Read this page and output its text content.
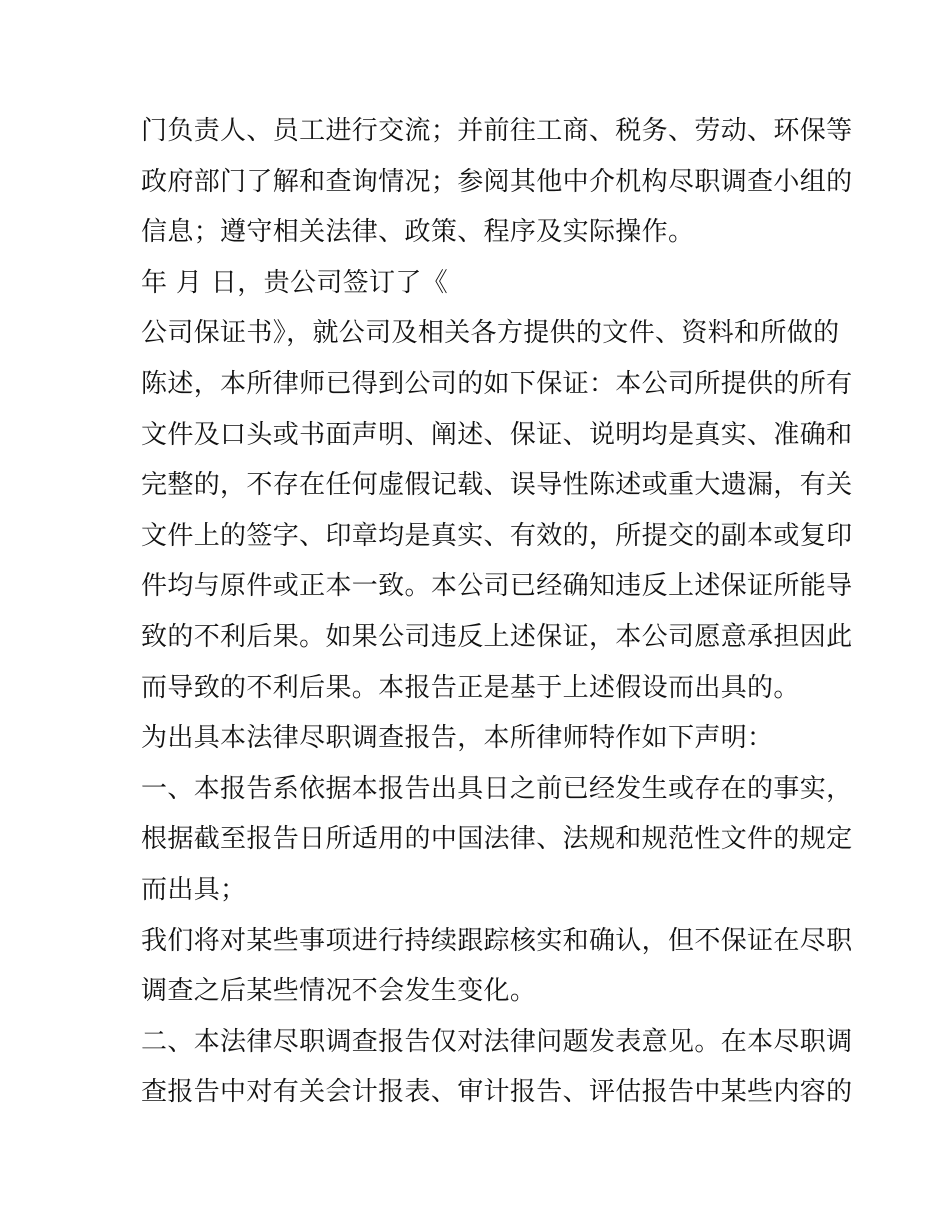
门负责人、员工进行交流；并前往工商、税务、劳动、环保等
政府部门了解和查询情况；参阅其他中介机构尽职调查小组的
信息；遵守相关法律、政策、程序及实际操作。
年 月 日，贵公司签订了《
公司保证书》，就公司及相关各方提供的文件、资料和所做的
陈述，本所律师已得到公司的如下保证：本公司所提供的所有
文件及口头或书面声明、阐述、保证、说明均是真实、准确和
完整的，不存在任何虚假记载、误导性陈述或重大遗漏，有关
文件上的签字、印章均是真实、有效的，所提交的副本或复印
件均与原件或正本一致。本公司已经确知违反上述保证所能导
致的不利后果。如果公司违反上述保证，本公司愿意承担因此
而导致的不利后果。本报告正是基于上述假设而出具的。
为出具本法律尽职调查报告，本所律师特作如下声明：
一、本报告系依据本报告出具日之前已经发生或存在的事实，
根据截至报告日所适用的中国法律、法规和规范性文件的规定
而出具；
我们将对某些事项进行持续跟踪核实和确认，但不保证在尽职
调查之后某些情况不会发生变化。
二、本法律尽职调查报告仅对法律问题发表意见。在本尽职调
查报告中对有关会计报表、审计报告、评估报告中某些内容的
